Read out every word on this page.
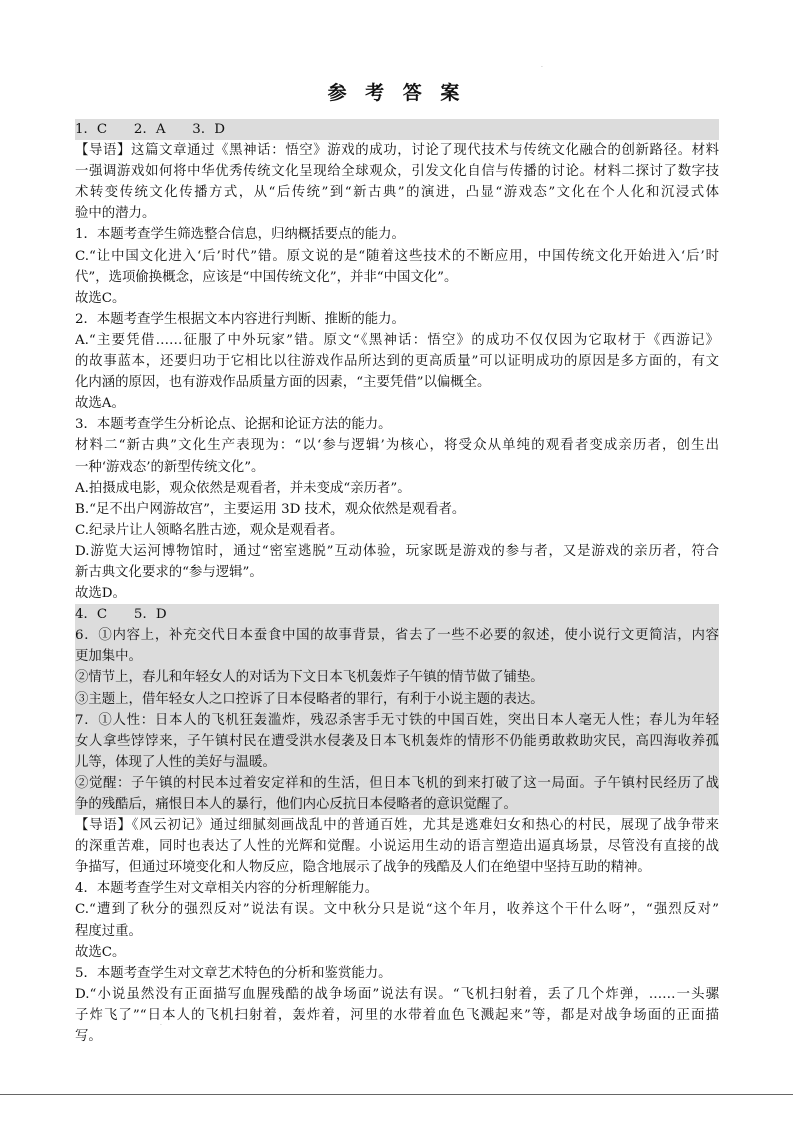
·
参 考 答 案
1．C　　2．A　　3．D
【导语】这篇文章通过《黑神话：悟空》游戏的成功，讨论了现代技术与传统文化融合的创新路径。材料
一强调游戏如何将中华优秀传统文化呈现给全球观众，引发文化自信与传播的讨论。材料二探讨了数字技
术转变传统文化传播方式，从“后传统”到“新古典”的演进，凸显“游戏态”文化在个人化和沉浸式体
验中的潜力。
1．本题考查学生筛选整合信息，归纳概括要点的能力。
C.“让中国文化进入‘后’时代”错。原文说的是“随着这些技术的不断应用，中国传统文化开始进入‘后’时
代”，选项偷换概念，应该是“中国传统文化”，并非“中国文化”。
故选C。
2．本题考查学生根据文本内容进行判断、推断的能力。
A.“主要凭借……征服了中外玩家”错。原文“《黑神话：悟空》的成功不仅仅因为它取材于《西游记》
的故事蓝本，还要归功于它相比以往游戏作品所达到的更高质量”可以证明成功的原因是多方面的，有文
化内涵的原因，也有游戏作品质量方面的因素，“主要凭借”以偏概全。
故选A。
3．本题考查学生分析论点、论据和论证方法的能力。
材料二“新古典”文化生产表现为：“以‘参与逻辑’为核心，将受众从单纯的观看者变成亲历者，创生出
一种‘游戏态’的新型传统文化”。
A.拍摄成电影，观众依然是观看者，并未变成“亲历者”。
B.“足不出户网游故宫”，主要运用 3D 技术，观众依然是观看者。
C.纪录片让人领略名胜古迹，观众是观看者。
D.游览大运河博物馆时，通过“密室逃脱”互动体验，玩家既是游戏的参与者，又是游戏的亲历者，符合
新古典文化要求的“参与逻辑”。
故选D。
4．C　　5．D
6．①内容上，补充交代日本蚕食中国的故事背景，省去了一些不必要的叙述，使小说行文更简洁，内容
更加集中。
②情节上，春儿和年轻女人的对话为下文日本飞机轰炸子午镇的情节做了铺垫。
③主题上，借年轻女人之口控诉了日本侵略者的罪行，有利于小说主题的表达。
7．①人性：日本人的飞机狂轰滥炸，残忍杀害手无寸铁的中国百姓，突出日本人毫无人性；春儿为年轻
女人拿些饽饽来，子午镇村民在遭受洪水侵袭及日本飞机轰炸的情形不仍能勇敢救助灾民，高四海收养孤
儿等，体现了人性的美好与温暖。
②觉醒：子午镇的村民本过着安定祥和的生活，但日本飞机的到来打破了这一局面。子午镇村民经历了战
争的残酷后，痛恨日本人的暴行，他们内心反抗日本侵略者的意识觉醒了。
【导语】《风云初记》通过细腻刻画战乱中的普通百姓，尤其是逃难妇女和热心的村民，展现了战争带来
的深重苦难，同时也表达了人性的光辉和觉醒。小说运用生动的语言塑造出逼真场景，尽管没有直接的战
争描写，但通过环境变化和人物反应，隐含地展示了战争的残酷及人们在绝望中坚持互助的精神。
4．本题考查学生对文章相关内容的分析理解能力。
C.“遭到了秋分的强烈反对”说法有误。文中秋分只是说“这个年月，收养这个干什么呀”，“强烈反对”
程度过重。
故选C。
5．本题考查学生对文章艺术特色的分析和鉴赏能力。
D.“小说虽然没有正面描写血腥残酷的战争场面”说法有误。“飞机扫射着，丢了几个炸弹，……一头骡
子炸飞了”“日本人的飞机扫射着，轰炸着，河里的水带着血色飞溅起来”等，都是对战争场面的正面描
写。
·
